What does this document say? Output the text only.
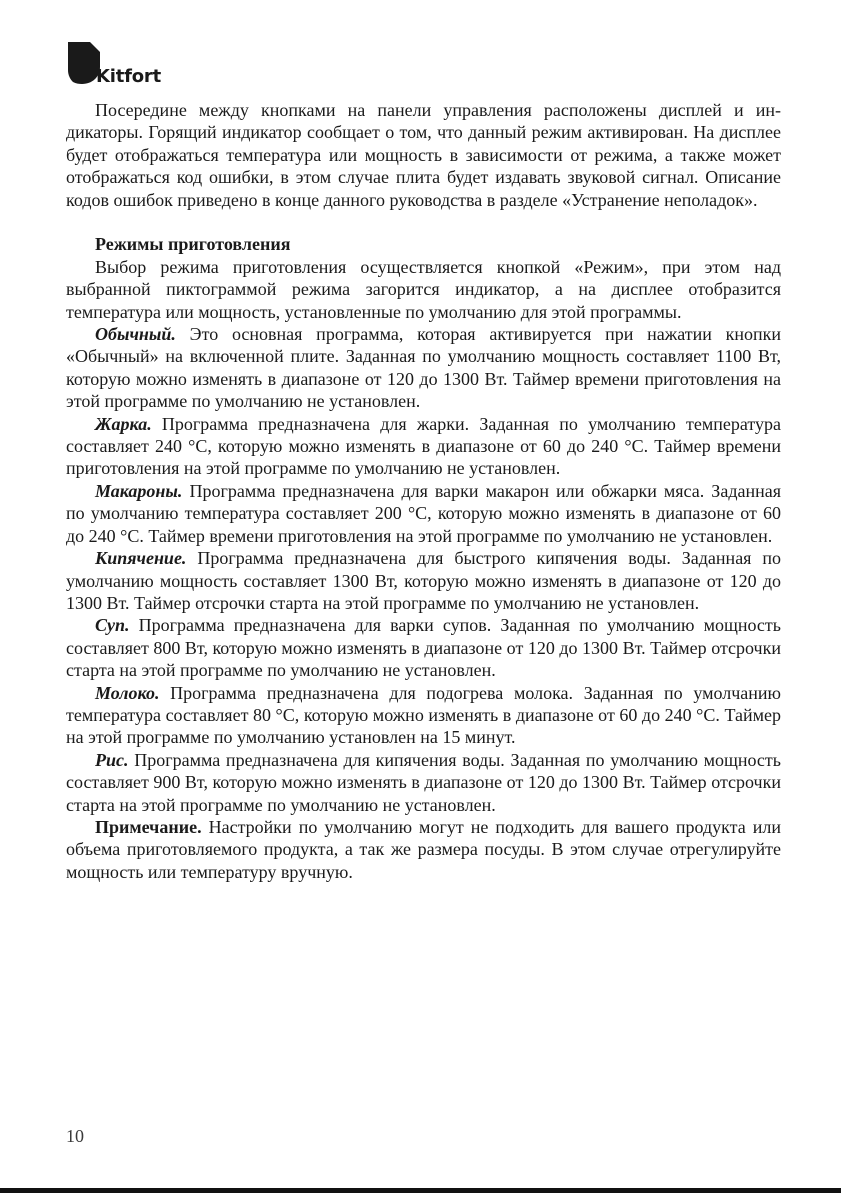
Kitfort

Посередине между кнопками на панели управления расположены дисплей и индикаторы. Горящий индикатор сообщает о том, что данный режим активирован. На дисплее будет отображаться температура или мощность в зависимости от режима, а также может отображаться код ошибки, в этом случае плита будет издавать звуковой сигнал. Описание кодов ошибок приведено в конце данного руководства в разделе «Устранение неполадок».

Режимы приготовления

Выбор режима приготовления осуществляется кнопкой «Режим», при этом над выбранной пиктограммой режима загорится индикатор, а на дисплее отобразится температура или мощность, установленные по умолчанию для этой программы.

Обычный. Это основная программа, которая активируется при нажатии кнопки «Обычный» на включенной плите. Заданная по умолчанию мощность составляет 1100 Вт, которую можно изменять в диапазоне от 120 до 1300 Вт. Таймер времени приготовления на этой программе по умолчанию не установлен.

Жарка. Программа предназначена для жарки. Заданная по умолчанию температура составляет 240 °С, которую можно изменять в диапазоне от 60 до 240 °С. Таймер времени приготовления на этой программе по умолчанию не установлен.

Макароны. Программа предназначена для варки макарон или обжарки мяса. Заданная по умолчанию температура составляет 200 °С, которую можно изменять в диапазоне от 60 до 240 °С. Таймер времени приготовления на этой программе по умолчанию не установлен.

Кипячение. Программа предназначена для быстрого кипячения воды. Заданная по умолчанию мощность составляет 1300 Вт, которую можно изменять в диапазоне от 120 до 1300 Вт. Таймер отсрочки старта на этой программе по умолчанию не установлен.

Суп. Программа предназначена для варки супов. Заданная по умолчанию мощность составляет 800 Вт, которую можно изменять в диапазоне от 120 до 1300 Вт. Таймер отсрочки старта на этой программе по умолчанию не установлен.

Молоко. Программа предназначена для подогрева молока. Заданная по умолчанию температура составляет 80 °С, которую можно изменять в диапазоне от 60 до 240 °С. Таймер на этой программе по умолчанию установлен на 15 минут.

Рис. Программа предназначена для кипячения воды. Заданная по умолчанию мощность составляет 900 Вт, которую можно изменять в диапазоне от 120 до 1300 Вт. Таймер отсрочки старта на этой программе по умолчанию не установлен.

Примечание. Настройки по умолчанию могут не подходить для вашего продукта или объема приготовляемого продукта, а так же размера посуды. В этом случае отрегулируйте мощность или температуру вручную.

10
